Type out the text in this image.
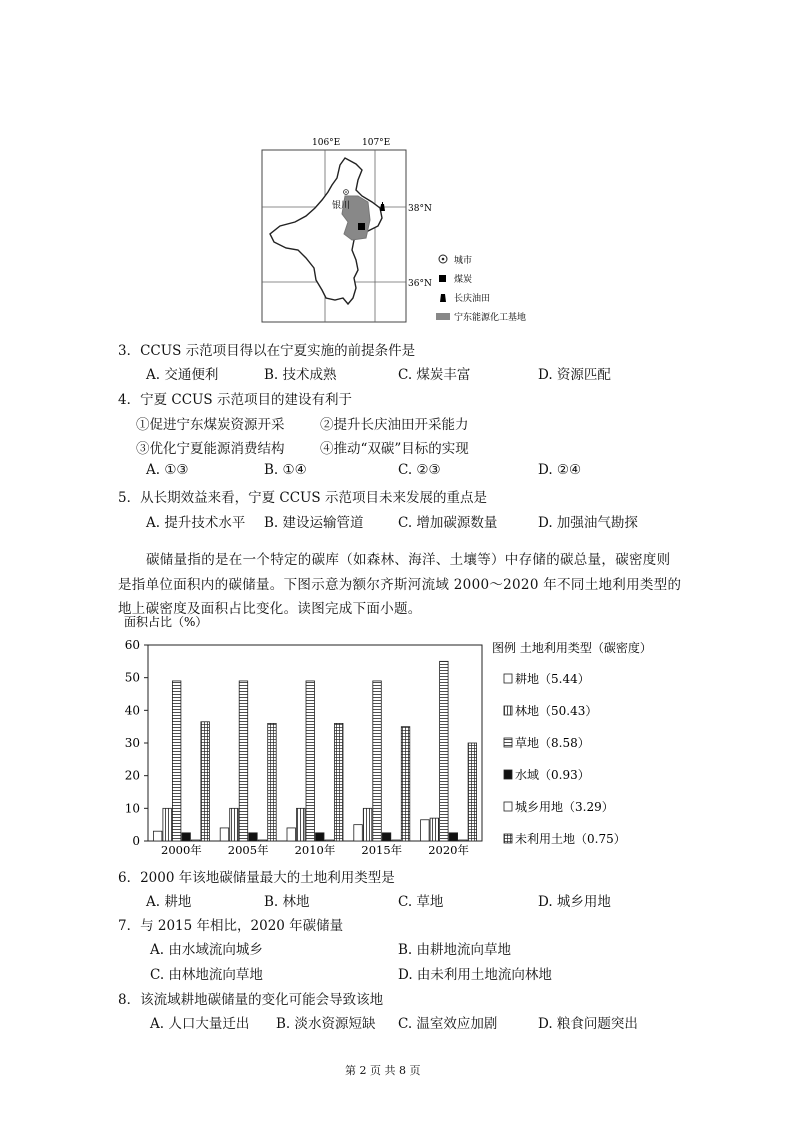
106°E 107°E
38°N
36°N
银川
城市
煤炭
长庆油田
宁东能源化工基地
3．CCUS 示范项目得以在宁夏实施的前提条件是
A. 交通便利	B. 技术成熟	C. 煤炭丰富	D. 资源匹配
4．宁夏 CCUS 示范项目的建设有利于
①促进宁东煤炭资源开采	②提升长庆油田开采能力
③优化宁夏能源消费结构	④推动“双碳”目标的实现
A. ①③	B. ①④	C. ②③	D. ②④
5．从长期效益来看，宁夏 CCUS 示范项目未来发展的重点是
A. 提升技术水平 B. 建设运输管道	C. 增加碳源数量	D. 加强油气勘探
碳储量指的是在一个特定的碳库（如森林、海洋、土壤等）中存储的碳总量，碳密度则
是指单位面积内的碳储量。下图示意为额尔齐斯河流域 2000～2020 年不同土地利用类型的
地上碳密度及面积占比变化。读图完成下面小题。
面积占比（%）
0
10
20
30
40
50
60
2000年 2005年 2010年 2015年 2020年
图例 土地利用类型（碳密度）
耕地（5.44）
林地（50.43）
草地（8.58）
水域（0.93）
城乡用地（3.29）
未利用土地（0.75）
6．2000 年该地碳储量最大的土地利用类型是
A. 耕地	B. 林地	C. 草地	D. 城乡用地
7．与 2015 年相比，2020 年碳储量
A. 由水域流向城乡	B. 由耕地流向草地
C. 由林地流向草地	D. 由未利用土地流向林地
8．该流域耕地碳储量的变化可能会导致该地
A. 人口大量迁出 B. 淡水资源短缺 C. 温室效应加剧	D. 粮食问题突出
第 2 页 共 8 页
